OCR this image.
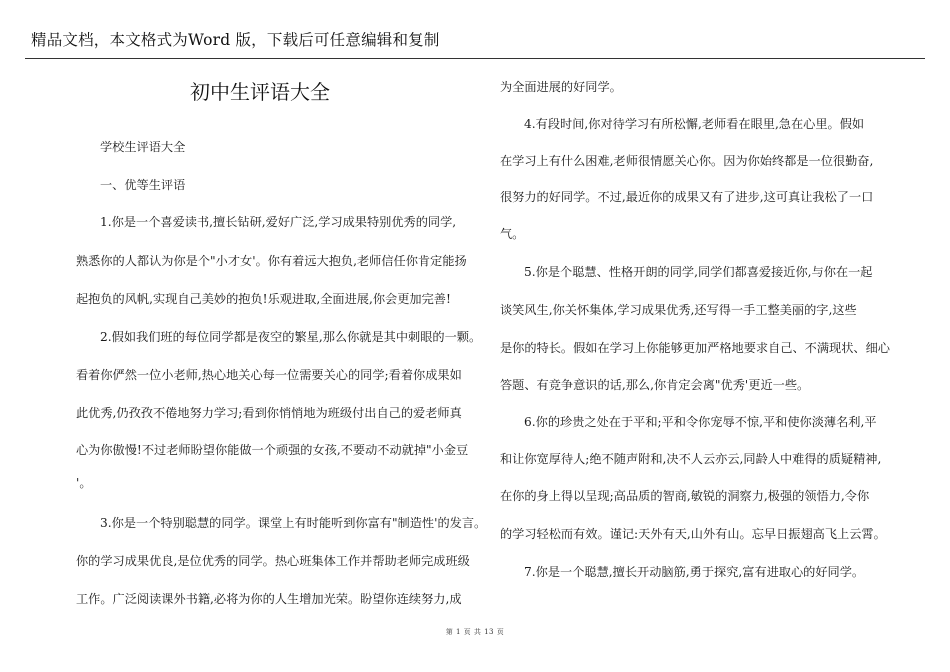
精品文档，本文格式为Word 版，下载后可任意编辑和复制
初中生评语大全
学校生评语大全
一、优等生评语
1.你是一个喜爱读书,擅长钻研,爱好广泛,学习成果特别优秀的同学,
熟悉你的人都认为你是个"小才女'。你有着远大抱负,老师信任你肯定能扬
起抱负的风帆,实现自己美妙的抱负!乐观进取,全面进展,你会更加完善!
2.假如我们班的每位同学都是夜空的繁星,那么你就是其中刺眼的一颗。
看着你俨然一位小老师,热心地关心每一位需要关心的同学;看着你成果如
此优秀,仍孜孜不倦地努力学习;看到你悄悄地为班级付出自己的爱老师真
心为你傲慢!不过老师盼望你能做一个顽强的女孩,不要动不动就掉"小金豆
'。
3.你是一个特别聪慧的同学。课堂上有时能听到你富有"制造性'的发言。
你的学习成果优良,是位优秀的同学。热心班集体工作并帮助老师完成班级
工作。广泛阅读课外书籍,必将为你的人生增加光荣。盼望你连续努力,成
为全面进展的好同学。
4.有段时间,你对待学习有所松懈,老师看在眼里,急在心里。假如
在学习上有什么困难,老师很情愿关心你。因为你始终都是一位很勤奋,
很努力的好同学。不过,最近你的成果又有了进步,这可真让我松了一口
气。
5.你是个聪慧、性格开朗的同学,同学们都喜爱接近你,与你在一起
谈笑风生,你关怀集体,学习成果优秀,还写得一手工整美丽的字,这些
是你的特长。假如在学习上你能够更加严格地要求自己、不满现状、细心
答题、有竞争意识的话,那么,你肯定会离"优秀'更近一些。
6.你的珍贵之处在于平和;平和令你宠辱不惊,平和使你淡薄名利,平
和让你宽厚待人;绝不随声附和,决不人云亦云,同龄人中难得的质疑精神,
在你的身上得以呈现;高品质的智商,敏锐的洞察力,极强的领悟力,令你
的学习轻松而有效。谨记:天外有天,山外有山。忘早日振翅高飞上云霄。
7.你是一个聪慧,擅长开动脑筋,勇于探究,富有进取心的好同学。
第 1 页 共 13 页
